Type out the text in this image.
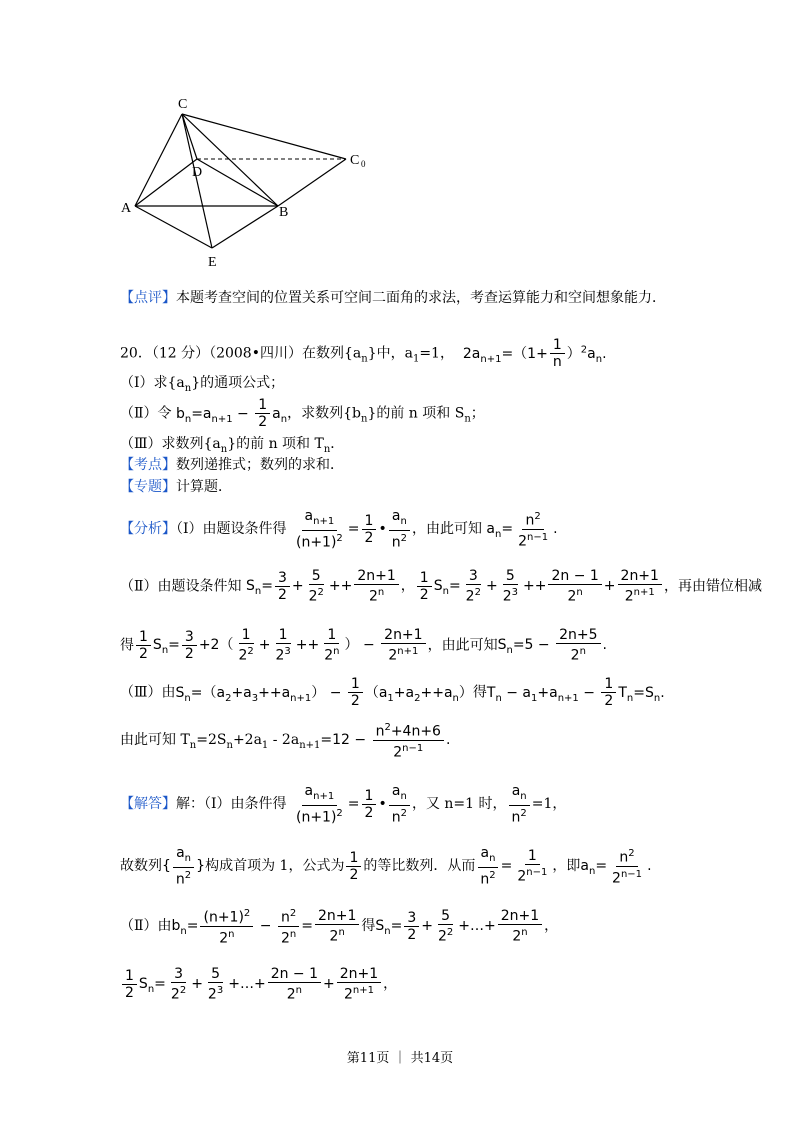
C
D
C 0
A	B
E
【点评】本题考查空间的位置关系可空间二面角的求法，考查运算能力和空间想象能力．
20．（12 分）（2008•四川）在数列$\{a_n\}$中，$a_1=1$，  $2a_{n+1}=(1+ \frac{1}{n} )^2a_n$.
（Ⅰ）求$\{a_n\}$的通项公式；
（Ⅱ）令 $b_n=a_{n+1} - \frac{1}{2} a_n$，求数列$\{b_n\}$的前 n 项和 $S_n$；
（Ⅲ）求数列$\{a_n\}$的前 n 项和 $T_n$．
【考点】数列递推式；数列的求和．
【专题】计算题．
【分析】（Ⅰ）由题设条件得 $\frac{a_{n+1}}{(n+1)^2} = \frac{1}{2}$ • $\frac{a_n}{n^2}$ ，由此可知 $a_n= \frac{n^2}{2^{n-1}}$ .
（Ⅱ）由题设条件知 $S_n= \frac{3}{2} + \frac{5}{2^2} ++ \frac{2n+1}{2^n}$ ， $\frac{1}{2} S_n= \frac{3}{2^2} + \frac{5}{2^3} ++ \frac{2n - 1}{2^n} + \frac{2n+1}{2^{n+1}}$ ，再由错位相减
得 $\frac{1}{2} S_n= \frac{3}{2} +2( \frac{1}{2^2} + \frac{1}{2^3} ++ \frac{1}{2^n}$ ） − $\frac{2n+1}{2^{n+1}}$ ，由此可知$S_n=5 - \frac{2n+5}{2^n}$ .
（Ⅲ）由$S_n=(a_2+a_3++a_{n+1}) - \frac{1}{2} (a_1+a_2++a_n)$得$T_n - a_1+a_{n+1} - \frac{1}{2} T_n=S_n$.
由此可知 $T_n=2S_n+2a_1 - 2a_{n+1}=12 - \frac{n^2+4n+6}{2^{n-1}}$ .
【解答】解：（Ⅰ）由条件得 $\frac{a_{n+1}}{(n+1)^2} = \frac{1}{2}$ • $\frac{a_n}{n^2}$ ，又 n=1 时， $\frac{a_n}{n^2} =1$，
故数列{ $\frac{a_n}{n^2}$ }构成首项为 1，公式为 $\frac{1}{2}$ 的等比数列．从而 $\frac{a_n}{n^2} = \frac{1}{2^{n-1}}$ ，即$a_n= \frac{n^2}{2^{n-1}}$ .
（Ⅱ）由$b_n= \frac{(n+1)^2}{2^n} - \frac{n^2}{2^n} = \frac{2n+1}{2^n}$ 得$S_n= \frac{3}{2} + \frac{5}{2^2}$ +…+ $\frac{2n+1}{2^n}$ ，
$\frac{1}{2} S_n= \frac{3}{2^2} + \frac{5}{2^3}$ +…+ $\frac{2n - 1}{2^n} + \frac{2n+1}{2^{n+1}}$ ，
第11页 ｜ 共14页
